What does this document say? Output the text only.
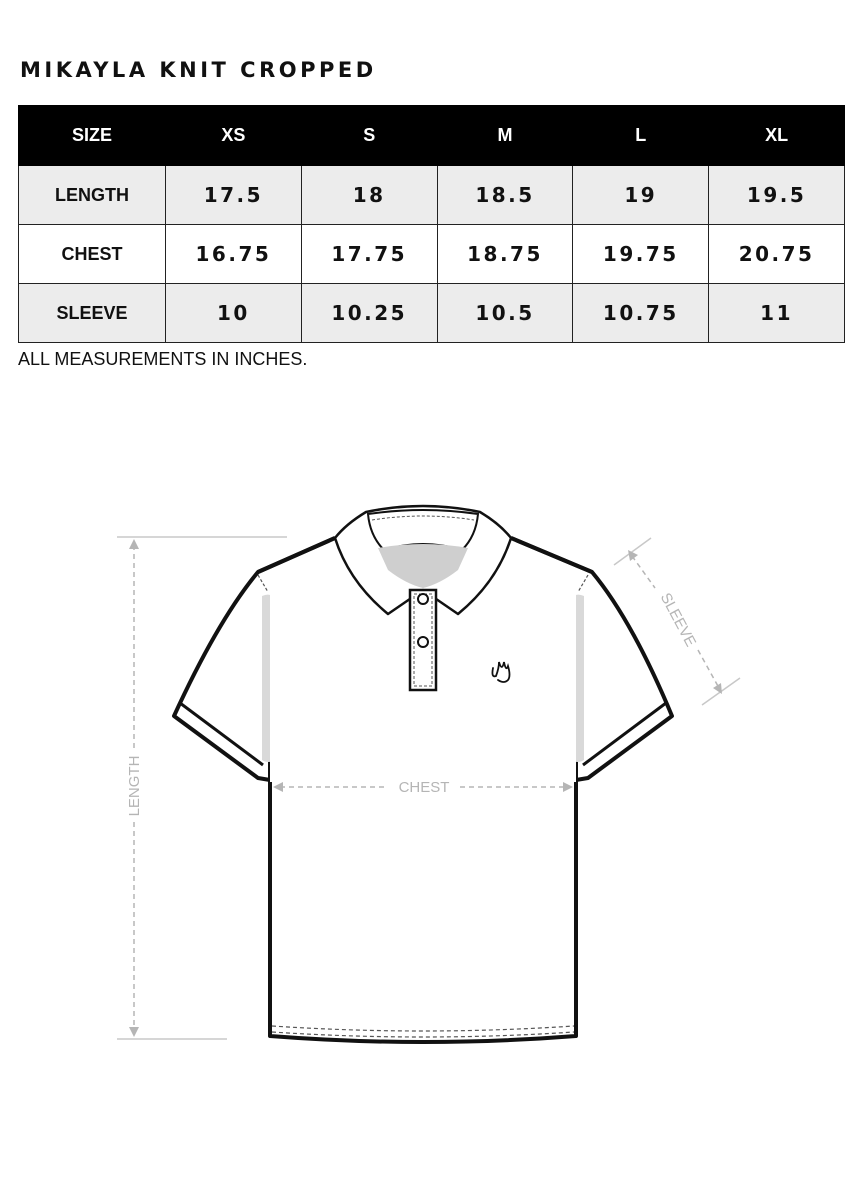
MIKAYLA KNIT CROPPED
SIZE	XS	S	M	L	XL
LENGTH	17.5	18	18.5	19	19.5
CHEST	16.75	17.75	18.75	19.75	20.75
SLEEVE	10	10.25	10.5	10.75	11

ALL MEASUREMENTS IN INCHES.

LENGTH	CHEST
SLEEVE
